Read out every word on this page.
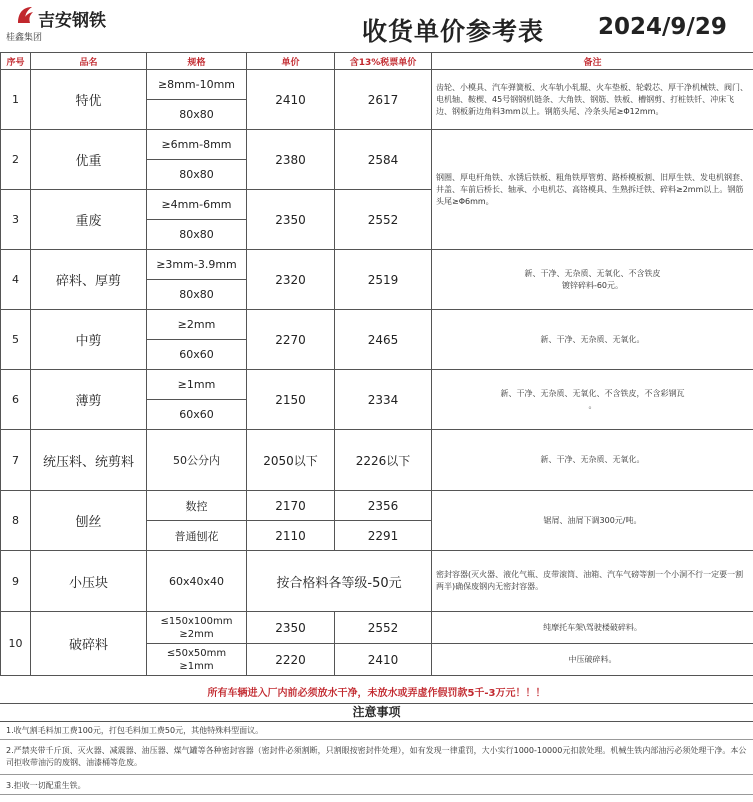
吉安钢铁
桂鑫集团	收货单价参考表 2024/9/29
序号	品名	规格	单价	含13%税票单价	备注
1	特优	≥8mm-10mm	2410	2617	齿轮、小模具、汽车弹簧板、火车轨小轧辊、火车垫板、轮毂芯、厚干净机械铁、阀门、电机轴、鞍楔、45号钢钢机链条、大角铁、钢筋、铁板、槽钢剪、打桩铁钎、冲床飞边、钢板新边角料3mm以上。钢筋头尾、冷条头尾≥Φ12mm。
		80x80			
2	优重	≥6mm-8mm	2380	2584	钢圈、厚电杆角铁、水锈后铁板、粗角铁厚管剪、路桥模板割、旧厚生铁、发电机钢套、井盖、车前后桥长、轴承、小电机芯、高铬模具、生熟拆迁铁、碎料≥2mm以上。钢筋头尾≥Φ6mm。
		80x80			
3	重废	≥4mm-6mm	2350	2552	
		80x80			
4	碎料、厚剪	≥3mm-3.9mm	2320	2519	新、干净、无杂质、无氧化、不含铁皮
镀锌碎料-60元。
		80x80			
5	中剪	≥2mm	2270	2465	新、干净、无杂质、无氧化。
		60x60			
6	薄剪	≥1mm	2150	2334	新、干净、无杂质、无氧化、不含铁皮，不含彩钢瓦
。
		60x60			
7	统压料、统剪料	50公分内	2050以下	2226以下	新、干净、无杂质、无氧化。
8	刨丝	数控	2170	2356	锯屑、油屑下调300元/吨。
		普通刨花	2110	2291	
9	小压块	60x40x40	按合格料各等级-50元		密封容器(灭火器、液化气瓶、皮带滚筒、油箱、汽车气磅等割一个小洞不行一定要一割两半)确保废钢内无密封容器。
10	破碎料	≤150x100mm
≥2mm	2350	2552	纯摩托车架\驾驶楼破碎料。

		≤50x50mm
≥1mm	2220	2410	中压破碎料。
所有车辆进入厂内前必须放水干净，未放水或弄虚作假罚款5千-3万元！！！
注意事项
1.收气割毛料加工费100元，打包毛料加工费50元，其他特殊料型面议。
2.严禁夹带千斤顶、灭火器、减震器、油压器、煤气罐等各种密封容器（密封件必须割断，只割眼按密封件处理），如有发现一律重罚，大小实行1000-10000元扣款处理。机械生铁内部油污必须处理干净。本公司拒收带油污的废钢、油漆桶等危废。
3.拒收一切配重生铁。
